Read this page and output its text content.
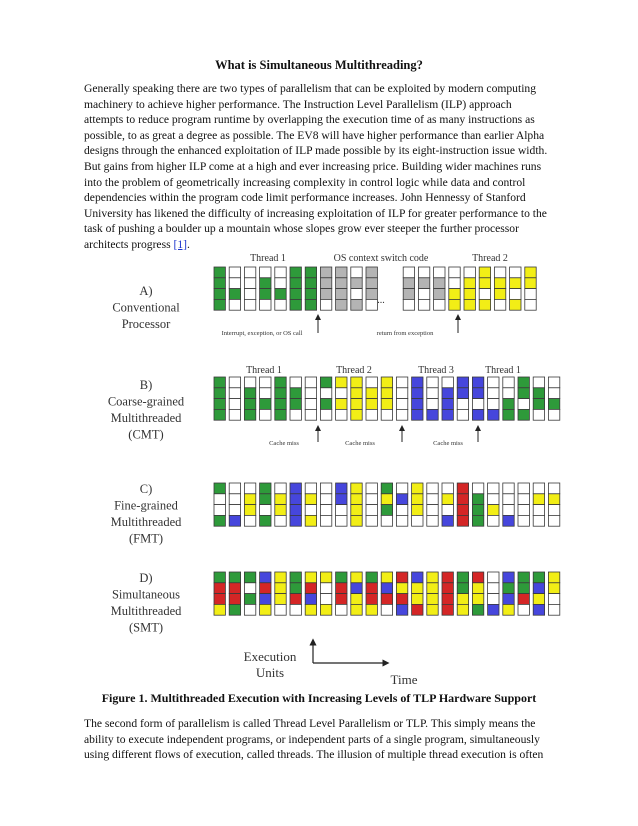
What is Simultaneous Multithreading?

Generally speaking there are two types of parallelism that can be exploited by modern computing
machinery to achieve higher performance. The Instruction Level Parallelism (ILP) approach
attempts to reduce program runtime by overlapping the execution time of as many instructions as
possible, to as great a degree as possible. The EV8 will have higher performance than earlier Alpha
designs through the enhanced exploitation of ILP made possible by its eight-instruction issue width.
But gains from higher ILP come at a high and ever increasing price. Building wider machines runs
into the problem of geometrically increasing complexity in control logic while data and control
dependencies within the program code limit performance increases. John Hennessy of Stanford
University has likened the difficulty of increasing exploitation of ILP for greater performance to the
task of pushing a boulder up a mountain whose slopes grow ever steeper the further processor
architects progress [1].

A)
Conventional
Processor
B)
Coarse-grained
Multithreaded
(CMT)
C)
Fine-grained
Multithreaded
(FMT)
D)
Simultaneous
Multithreaded
(SMT)
Thread 1	OS context switch code	Thread 2
...
Interrupt, exception, or OS call	return from exception
Thread 1	Thread 2	Thread 3	Thread 1
Cache miss	Cache miss	Cache miss
Execution
Units	Time
Figure 1. Multithreaded Execution with Increasing Levels of TLP Hardware Support

The second form of parallelism is called Thread Level Parallelism or TLP. This simply means the
ability to execute independent programs, or independent parts of a single program, simultaneously
using different flows of execution, called threads. The illusion of multiple thread execution is often
